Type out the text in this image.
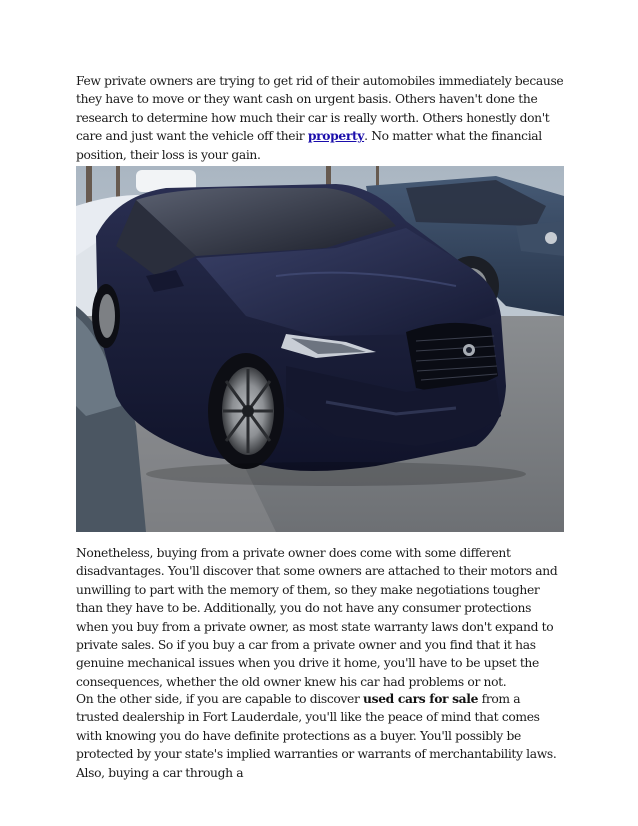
Few private owners are trying to get rid of their automobiles immediately because they have to move or they want cash on urgent basis. Others haven't done the research to determine how much their car is really worth. Others honestly don't care and just want the vehicle off their property. No matter what the financial position, their loss is your gain.

Nonetheless, buying from a private owner does come with some different disadvantages. You'll discover that some owners are attached to their motors and unwilling to part with the memory of them, so they make negotiations tougher than they have to be. Additionally, you do not have any consumer protections when you buy from a private owner, as most state warranty laws don't expand to private sales. So if you buy a car from a private owner and you find that it has genuine mechanical issues when you drive it home, you'll have to be upset the consequences, whether the old owner knew his car had problems or not.

On the other side, if you are capable to discover used cars for sale from a trusted dealership in Fort Lauderdale, you'll like the peace of mind that comes with knowing you do have definite protections as a buyer. You'll possibly be protected by your state's implied warranties or warrants of merchantability laws. Also, buying a car through a
